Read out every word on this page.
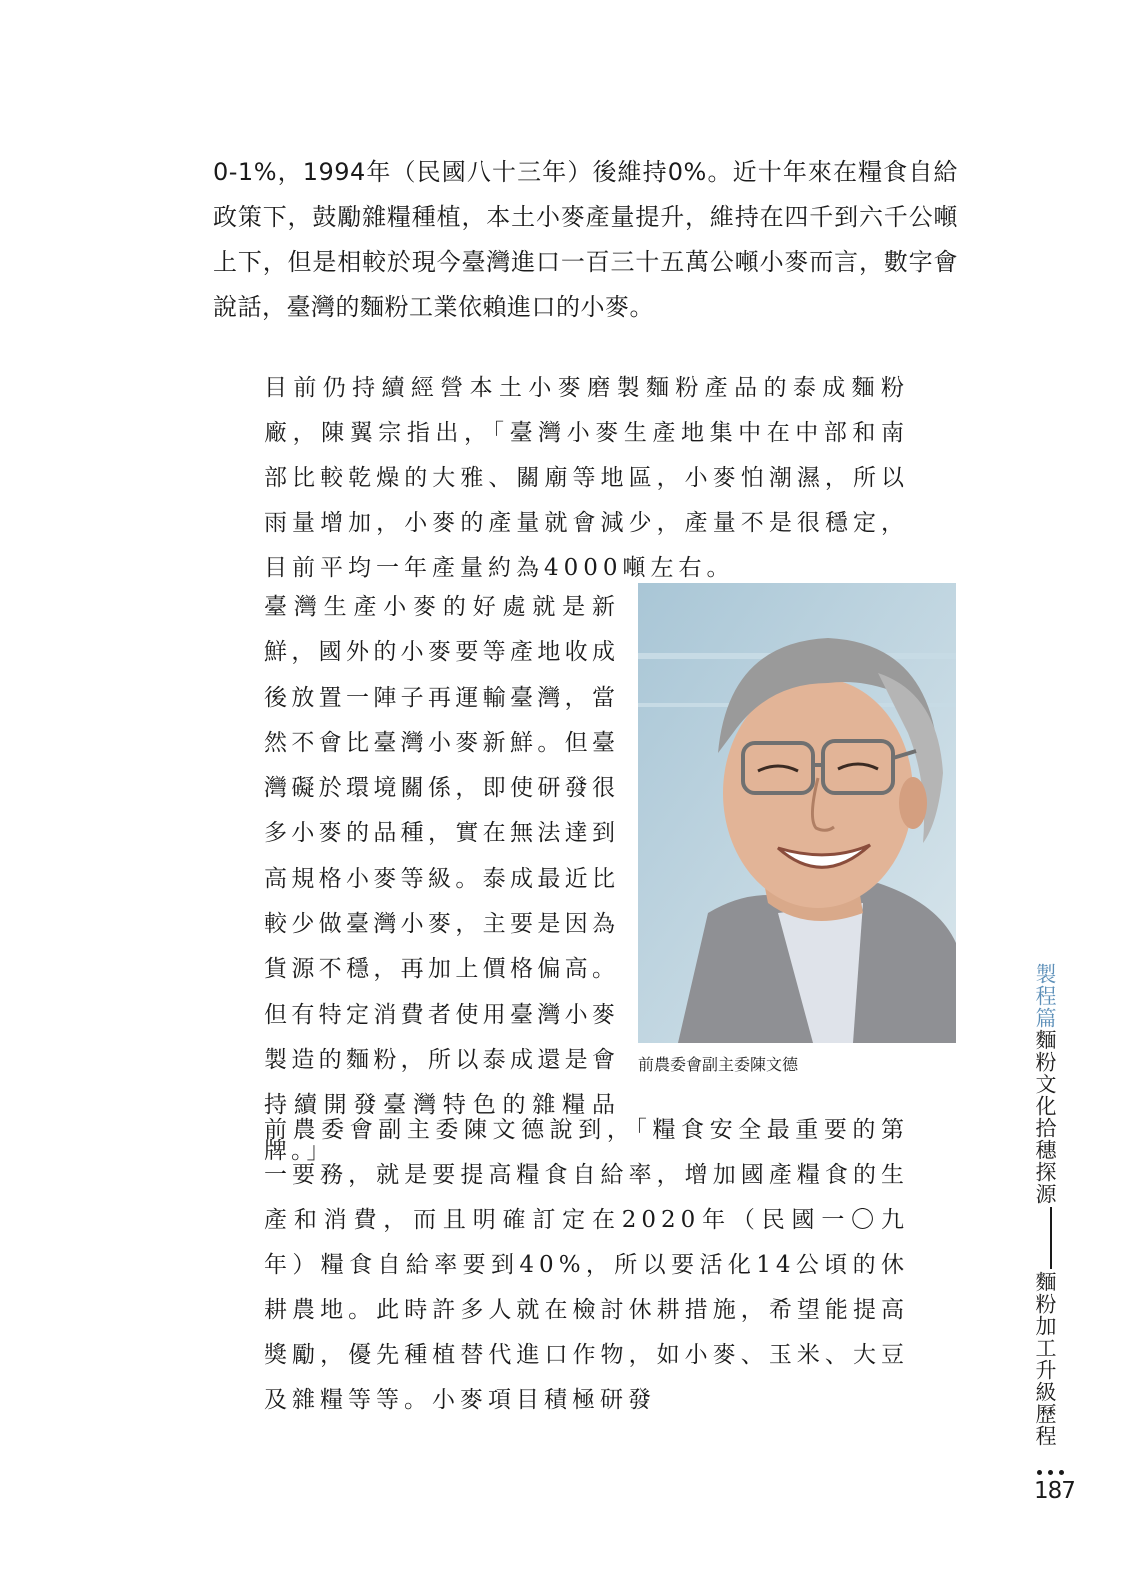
0-1%，1994年（民國八十三年）後維持0%。近十年來在糧食自給政策下，鼓勵雜糧種植，本土小麥產量提升，維持在四千到六千公噸上下，但是相較於現今臺灣進口一百三十五萬公噸小麥而言，數字會說話，臺灣的麵粉工業依賴進口的小麥。
目前仍持續經營本土小麥磨製麵粉產品的泰成麵粉廠，陳翼宗指出，「臺灣小麥生產地集中在中部和南部比較乾燥的大雅、關廟等地區，小麥怕潮濕，所以雨量增加，小麥的產量就會減少，產量不是很穩定，目前平均一年產量約為4000噸左右。
臺灣生產小麥的好處就是新鮮，國外的小麥要等產地收成後放置一陣子再運輸臺灣，當然不會比臺灣小麥新鮮。但臺灣礙於環境關係，即使研發很多小麥的品種，實在無法達到高規格小麥等級。泰成最近比較少做臺灣小麥，主要是因為貨源不穩，再加上價格偏高。但有特定消費者使用臺灣小麥製造的麵粉，所以泰成還是會持續開發臺灣特色的雜糧品牌。」
前農委會副主委陳文德
前農委會副主委陳文德說到，「糧食安全最重要的第一要務，就是要提高糧食自給率，增加國產糧食的生產和消費，而且明確訂定在2020年（民國一〇九年）糧食自給率要到40%，所以要活化14公頃的休耕農地。此時許多人就在檢討休耕措施，希望能提高獎勵，優先種植替代進口作物，如小麥、玉米、大豆及雜糧等等。小麥項目積極研發
製程篇麵粉文化拾穗探源麵粉加工升級歷程
187
